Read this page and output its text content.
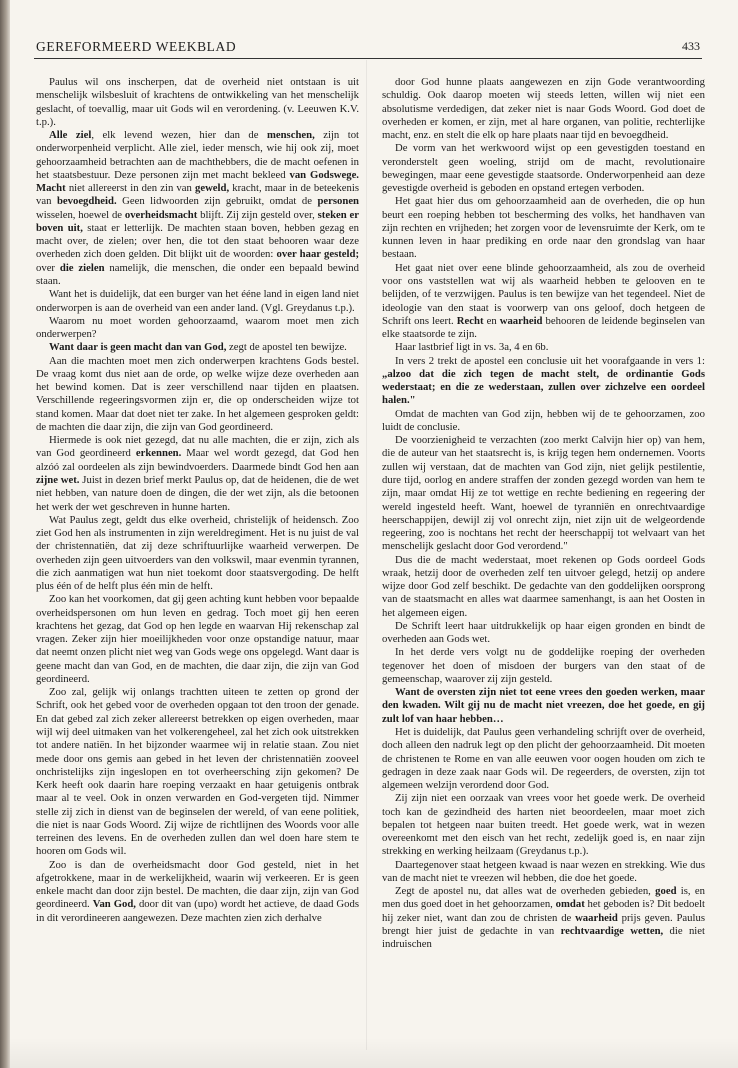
GEREFORMEERD WEEKBLAD	433

Paulus wil ons inscherpen, dat de overheid niet ontstaan is uit menschelijk wilsbesluit of krachtens de ontwikkeling van het menschelijk geslacht, of toevallig, maar uit Gods wil en verordening. (v. Leeuwen K.V. t.p.).

Alle ziel, elk levend wezen, hier dan de menschen, zijn tot onderworpenheid verplicht. Alle ziel, ieder mensch, wie hij ook zij, moet gehoorzaamheid betrachten aan de machthebbers, die de macht oefenen in het staatsbestuur. Deze personen zijn met macht bekleed van Godswege. Macht niet allereerst in den zin van geweld, kracht, maar in de beteekenis van bevoegdheid. Geen lidwoorden zijn gebruikt, omdat de personen wisselen, hoewel de overheidsmacht blijft. Zij zijn gesteld over, steken er boven uit, staat er letterlijk. De machten staan boven, hebben gezag en macht over, de zielen; over hen, die tot den staat behooren waar deze overheden zich doen gelden. Dit blijkt uit de woorden: over haar gesteld; over die zielen namelijk, die menschen, die onder een bepaald bewind staan.

Want het is duidelijk, dat een burger van het ééne land in eigen land niet onderworpen is aan de overheid van een ander land. (Vgl. Greydanus t.p.).

Waarom nu moet worden gehoorzaamd, waarom moet men zich onderwerpen?

Want daar is geen macht dan van God, zegt de apostel ten bewijze.

Aan die machten moet men zich onderwerpen krachtens Gods bestel. De vraag komt dus niet aan de orde, op welke wijze deze overheden aan het bewind komen. Dat is zeer verschillend naar tijden en plaatsen. Verschillende regeeringsvormen zijn er, die op onderscheiden wijze tot stand komen. Maar dat doet niet ter zake. In het algemeen gesproken geldt: de machten die daar zijn, die zijn van God geordineerd.

Hiermede is ook niet gezegd, dat nu alle machten, die er zijn, zich als van God geordineerd erkennen. Maar wel wordt gezegd, dat God hen alzóó zal oordeelen als zijn bewindvoerders. Daarmede bindt God hen aan zijne wet. Juist in dezen brief merkt Paulus op, dat de heidenen, die de wet niet hebben, van nature doen de dingen, die der wet zijn, als die betoonen het werk der wet geschreven in hunne harten.

Wat Paulus zegt, geldt dus elke overheid, christelijk of heidensch. Zoo ziet God hen als instrumenten in zijn wereldregiment. Het is nu juist de val der christennatiën, dat zij deze schriftuurlijke waarheid verwerpen. De overheden zijn geen uitvoerders van den volkswil, maar evenmin tyrannen, die zich aanmatigen wat hun niet toekomt door staatsvergoding. De helft plus één of de helft plus één min de helft.

Zoo kan het voorkomen, dat gij geen achting kunt hebben voor bepaalde overheidspersonen om hun leven en gedrag. Toch moet gij hen eeren krachtens het gezag, dat God op hen legde en waarvan Hij rekenschap zal vragen. Zeker zijn hier moeilijkheden voor onze opstandige natuur, maar dat neemt onzen plicht niet weg van Gods wege ons opgelegd. Want daar is geene macht dan van God, en de machten, die daar zijn, die zijn van God geordineerd.

Zoo zal, gelijk wij onlangs trachtten uiteen te zetten op grond der Schrift, ook het gebed voor de overheden opgaan tot den troon der genade. En dat gebed zal zich zeker allereerst betrekken op eigen overheden, maar wijl wij deel uitmaken van het volkerengeheel, zal het zich ook uitstrekken tot andere natiën. In het bijzonder waarmee wij in relatie staan. Zou niet mede door ons gemis aan gebed in het leven der christennatiën zooveel onchristelijks zijn ingeslopen en tot overheersching zijn gekomen? De Kerk heeft ook daarin hare roeping verzaakt en haar getuigenis ontbrak maar al te veel. Ook in onzen verwarden en God-vergeten tijd. Nimmer stelle zij zich in dienst van de beginselen der wereld, of van eene politiek, die niet is naar Gods Woord. Zij wijze de richtlijnen des Woords voor alle terreinen des levens. En de overheden zullen dan wel doen hare stem te hooren om Gods wil.

Zoo is dan de overheidsmacht door God gesteld, niet in het afgetrokkene, maar in de werkelijkheid, waarin wij verkeeren. Er is geen enkele macht dan door zijn bestel. De machten, die daar zijn, zijn van God geordineerd. Van God, door dit van (upo) wordt het actieve, de daad Gods in dit verordineeren aangewezen. Deze machten zien zich derhalve

door God hunne plaats aangewezen en zijn Gode verantwoording schuldig. Ook daarop moeten wij steeds letten, willen wij niet een absolutisme verdedigen, dat zeker niet is naar Gods Woord. God doet de overheden er komen, er zijn, met al hare organen, van politie, rechterlijke macht, enz. en stelt die elk op hare plaats naar tijd en bevoegdheid.

De vorm van het werkwoord wijst op een gevestigden toestand en veronderstelt geen woeling, strijd om de macht, revolutionaire bewegingen, maar eene gevestigde staatsorde. Onderworpenheid aan deze gevestigde overheid is geboden en opstand ertegen verboden.

Het gaat hier dus om gehoorzaamheid aan de overheden, die op hun beurt een roeping hebben tot bescherming des volks, het handhaven van zijn rechten en vrijheden; het zorgen voor de levensruimte der Kerk, om te kunnen leven in haar prediking en orde naar den grondslag van haar bestaan.

Het gaat niet over eene blinde gehoorzaamheid, als zou de overheid voor ons vaststellen wat wij als waarheid hebben te gelooven en te belijden, of te verzwijgen. Paulus is ten bewijze van het tegendeel. Niet de ideologie van den staat is voorwerp van ons geloof, doch hetgeen de Schrift ons leert. Recht en waarheid behooren de leidende beginselen van elke staatsorde te zijn.

Haar lastbrief ligt in vs. 3a, 4 en 6b.

In vers 2 trekt de apostel een conclusie uit het voorafgaande in vers 1: „alzoo dat die zich tegen de macht stelt, de ordinantie Gods wederstaat; en die ze wederstaan, zullen over zichzelve een oordeel halen."

Omdat de machten van God zijn, hebben wij de te gehoorzamen, zoo luidt de conclusie.

De voorzienigheid te verzachten (zoo merkt Calvijn hier op) van hem, die de auteur van het staatsrecht is, is krijg tegen hem ondernemen. Voorts zullen wij verstaan, dat de machten van God zijn, niet gelijk pestilentie, dure tijd, oorlog en andere straffen der zonden gezegd worden van hem te zijn, maar omdat Hij ze tot wettige en rechte bediening en regeering der wereld ingesteld heeft. Want, hoewel de tyranniën en onrechtvaardige heerschappijen, dewijl zij vol onrecht zijn, niet zijn uit de welgeordende regeering, zoo is nochtans het recht der heerschappij tot welvaart van het menschelijk geslacht door God verordend."

Dus die de macht wederstaat, moet rekenen op Gods oordeel Gods wraak, hetzij door de overheden zelf ten uitvoer gelegd, hetzij op andere wijze door God zelf beschikt. De gedachte van den goddelijken oorsprong van de staatsmacht en alles wat daarmee samenhangt, is aan het Oosten in het algemeen eigen.

De Schrift leert haar uitdrukkelijk op haar eigen gronden en bindt de overheden aan Gods wet.

In het derde vers volgt nu de goddelijke roeping der overheden tegenover het doen of misdoen der burgers van den staat of de gemeenschap, waarover zij zijn gesteld.

Want de oversten zijn niet tot eene vrees den goeden werken, maar den kwaden. Wilt gij nu de macht niet vreezen, doe het goede, en gij zult lof van haar hebben…

Het is duidelijk, dat Paulus geen verhandeling schrijft over de overheid, doch alleen den nadruk legt op den plicht der gehoorzaamheid. Dit moeten de christenen te Rome en van alle eeuwen voor oogen houden om zich te gedragen in deze zaak naar Gods wil. De regeerders, de oversten, zijn tot algemeen welzijn verordend door God.

Zij zijn niet een oorzaak van vrees voor het goede werk. De overheid toch kan de gezindheid des harten niet beoordeelen, maar moet zich bepalen tot hetgeen naar buiten treedt. Het goede werk, wat in wezen overeenkomt met den eisch van het recht, zedelijk goed is, en naar zijn strekking en werking heilzaam (Greydanus t.p.).

Daartegenover staat hetgeen kwaad is naar wezen en strekking. Wie dus van de macht niet te vreezen wil hebben, die doe het goede.

Zegt de apostel nu, dat alles wat de overheden gebieden, goed is, en men dus goed doet in het gehoorzamen, omdat het geboden is? Dit bedoelt hij zeker niet, want dan zou de christen de waarheid prijs geven. Paulus brengt hier juist de gedachte in van rechtvaardige wetten, die niet indruischen
